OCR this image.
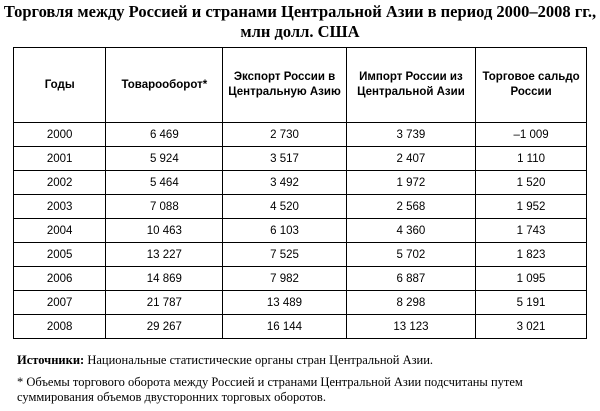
Торговля между Россией и странами Центральной Азии в период 2000–2008 гг., млн долл. США
Годы	Товарооборот*	Экспорт России в Центральную Азию	Импорт России из Центральной Азии	Торговое сальдо России
2000	6 469	2 730	3 739	–1 009
2001	5 924	3 517	2 407	1 110
2002	5 464	3 492	1 972	1 520
2003	7 088	4 520	2 568	1 952
2004	10 463	6 103	4 360	1 743
2005	13 227	7 525	5 702	1 823
2006	14 869	7 982	6 887	1 095
2007	21 787	13 489	8 298	5 191
2008	29 267	16 144	13 123	3 021
Источники: Национальные статистические органы стран Центральной Азии.
* Объемы торгового оборота между Россией и странами Центральной Азии подсчитаны путем суммирования объемов двусторонних торговых оборотов.
